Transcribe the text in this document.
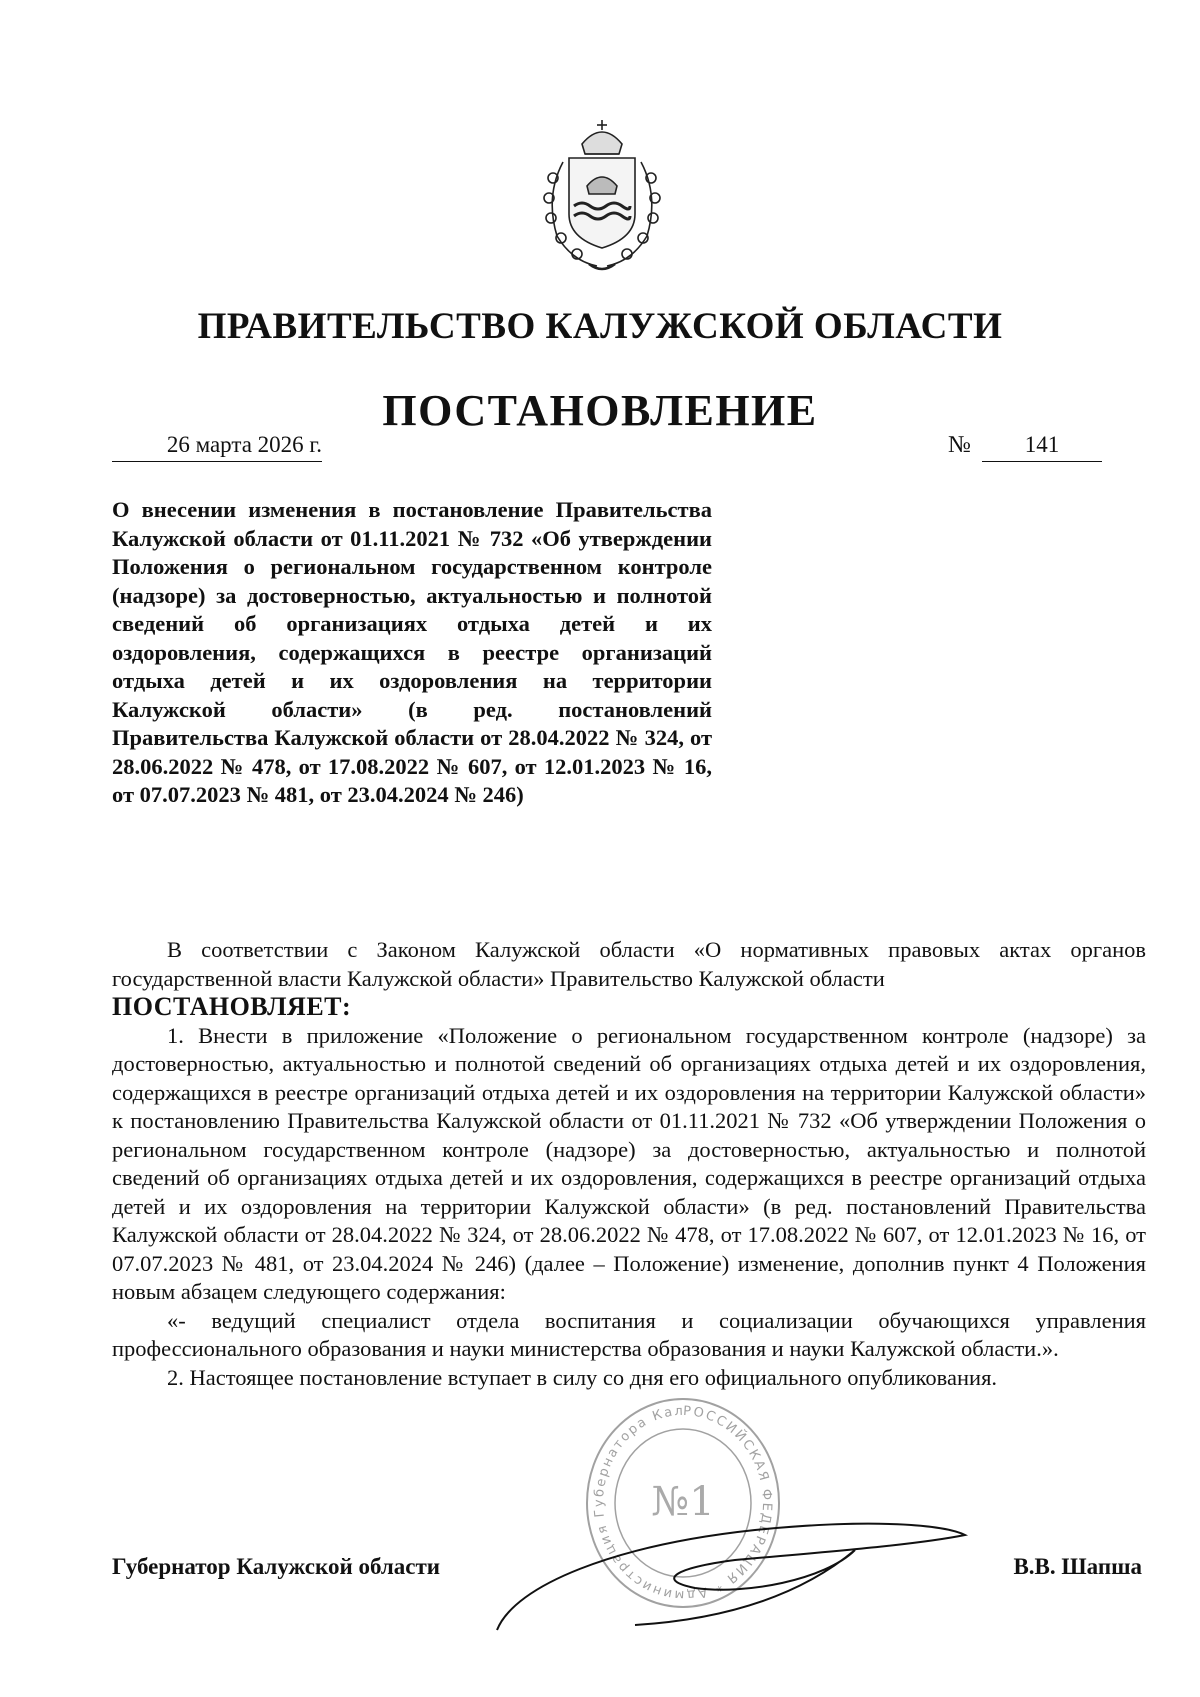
ПРАВИТЕЛЬСТВО КАЛУЖСКОЙ ОБЛАСТИ
ПОСТАНОВЛЕНИЕ
26 марта 2026 г.	№	141
О внесении изменения в постановление Правительства Калужской области от 01.11.2021 № 732 «Об утверждении Положения о региональном государственном контроле (надзоре) за достоверностью, актуальностью и полнотой сведений об организациях отдыха детей и их оздоровления, содержащихся в реестре организаций отдыха детей и их оздоровления на территории Калужской области» (в ред. постановлений Правительства Калужской области от 28.04.2022 № 324, от 28.06.2022 № 478, от 17.08.2022 № 607, от 12.01.2023 № 16, от 07.07.2023 № 481, от 23.04.2024 № 246)

В соответствии с Законом Калужской области «О нормативных правовых актах органов государственной власти Калужской области» Правительство Калужской области

ПОСТАНОВЛЯЕТ:

1. Внести в приложение «Положение о региональном государственном контроле (надзоре) за достоверностью, актуальностью и полнотой сведений об организациях отдыха детей и их оздоровления, содержащихся в реестре организаций отдыха детей и их оздоровления на территории Калужской области» к постановлению Правительства Калужской области от 01.11.2021 № 732 «Об утверждении Положения о региональном государственном контроле (надзоре) за достоверностью, актуальностью и полнотой сведений об организациях отдыха детей и их оздоровления, содержащихся в реестре организаций отдыха детей и их оздоровления на территории Калужской области» (в ред. постановлений Правительства Калужской области от 28.04.2022 № 324, от 28.06.2022 № 478, от 17.08.2022 № 607, от 12.01.2023 № 16, от 07.07.2023 № 481, от 23.04.2024 № 246) (далее – Положение) изменение, дополнив пункт 4 Положения новым абзацем следующего содержания:

«- ведущий специалист отдела воспитания и социализации обучающихся управления профессионального образования и науки министерства образования и науки Калужской области.».

2. Настоящее постановление вступает в силу со дня его официального опубликования.

РОССИЙСКАЯ ФЕДЕРАЦИЯ * Администрация Губернатора Кал
№1
Губернатор Калужской области	В.В. Шапша
